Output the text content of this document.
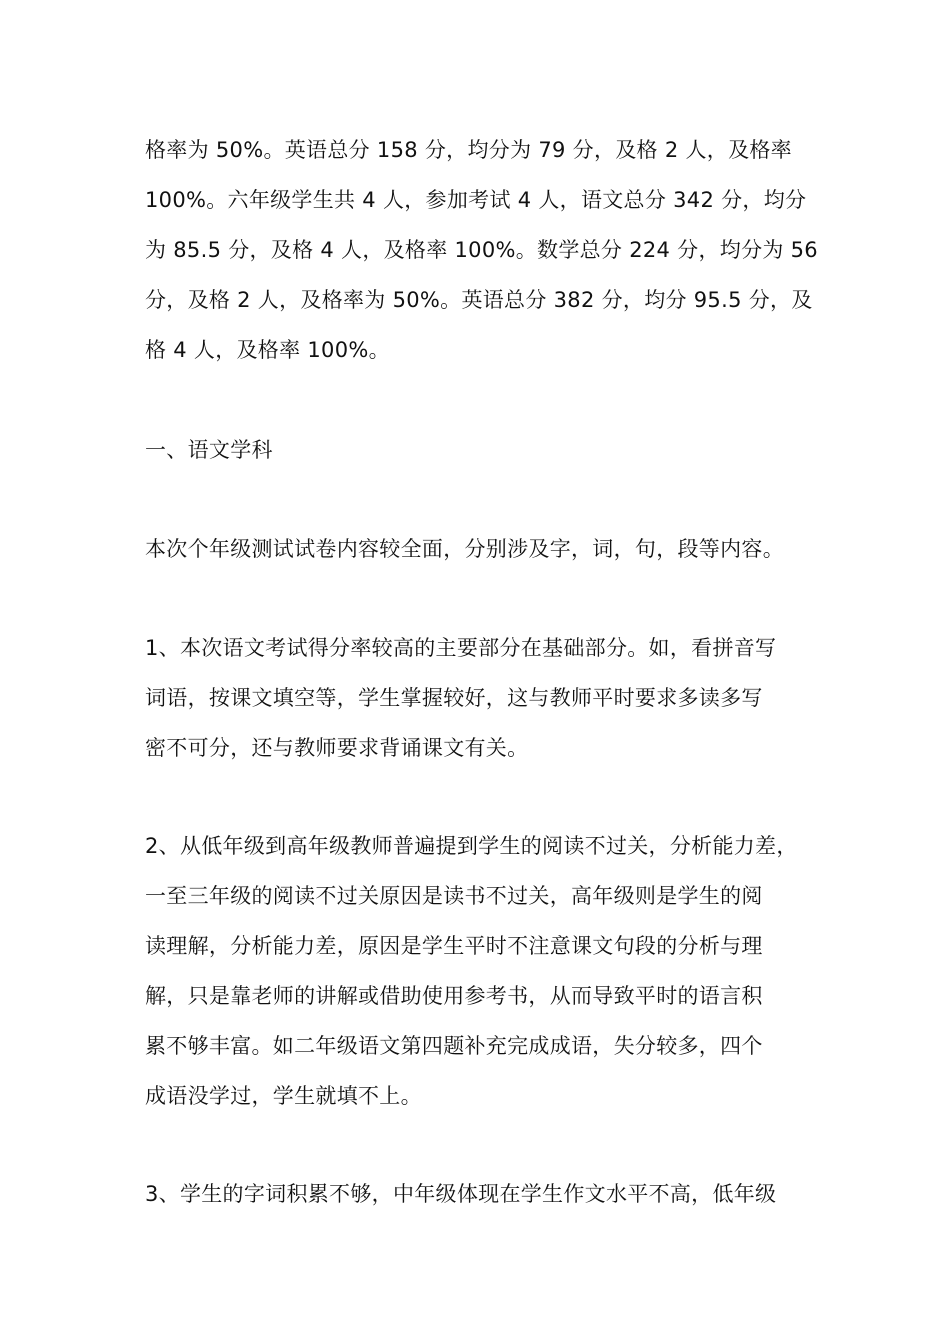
格率为 50%。英语总分 158 分，均分为 79 分，及格 2 人，及格率
100%。六年级学生共 4 人，参加考试 4 人，语文总分 342 分，均分
为 85.5 分，及格 4 人，及格率 100%。数学总分 224 分，均分为 56
分，及格 2 人，及格率为 50%。英语总分 382 分，均分 95.5 分，及
格 4 人，及格率 100%。
一、语文学科
本次个年级测试试卷内容较全面，分别涉及字，词，句，段等内容。
1、本次语文考试得分率较高的主要部分在基础部分。如，看拼音写
词语，按课文填空等，学生掌握较好，这与教师平时要求多读多写
密不可分，还与教师要求背诵课文有关。
2、从低年级到高年级教师普遍提到学生的阅读不过关，分析能力差，
一至三年级的阅读不过关原因是读书不过关，高年级则是学生的阅
读理解，分析能力差，原因是学生平时不注意课文句段的分析与理
解，只是靠老师的讲解或借助使用参考书，从而导致平时的语言积
累不够丰富。如二年级语文第四题补充完成成语，失分较多，四个
成语没学过，学生就填不上。
3、学生的字词积累不够，中年级体现在学生作文水平不高，低年级
